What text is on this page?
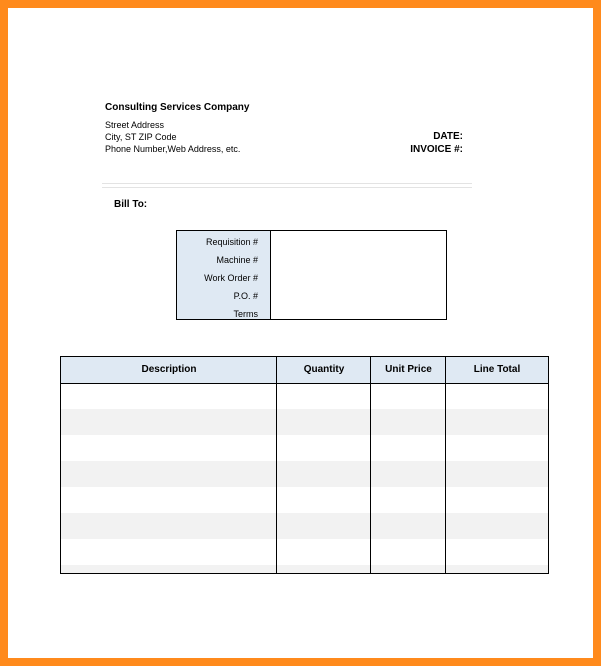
Consulting Services Company
Street Address
City, ST ZIP Code
Phone Number,Web Address, etc.
DATE:
INVOICE #:
Bill To:
Requisition #
Machine #
Work Order #
P.O. #
Terms
Description	Quantity	Unit Price	Line Total
